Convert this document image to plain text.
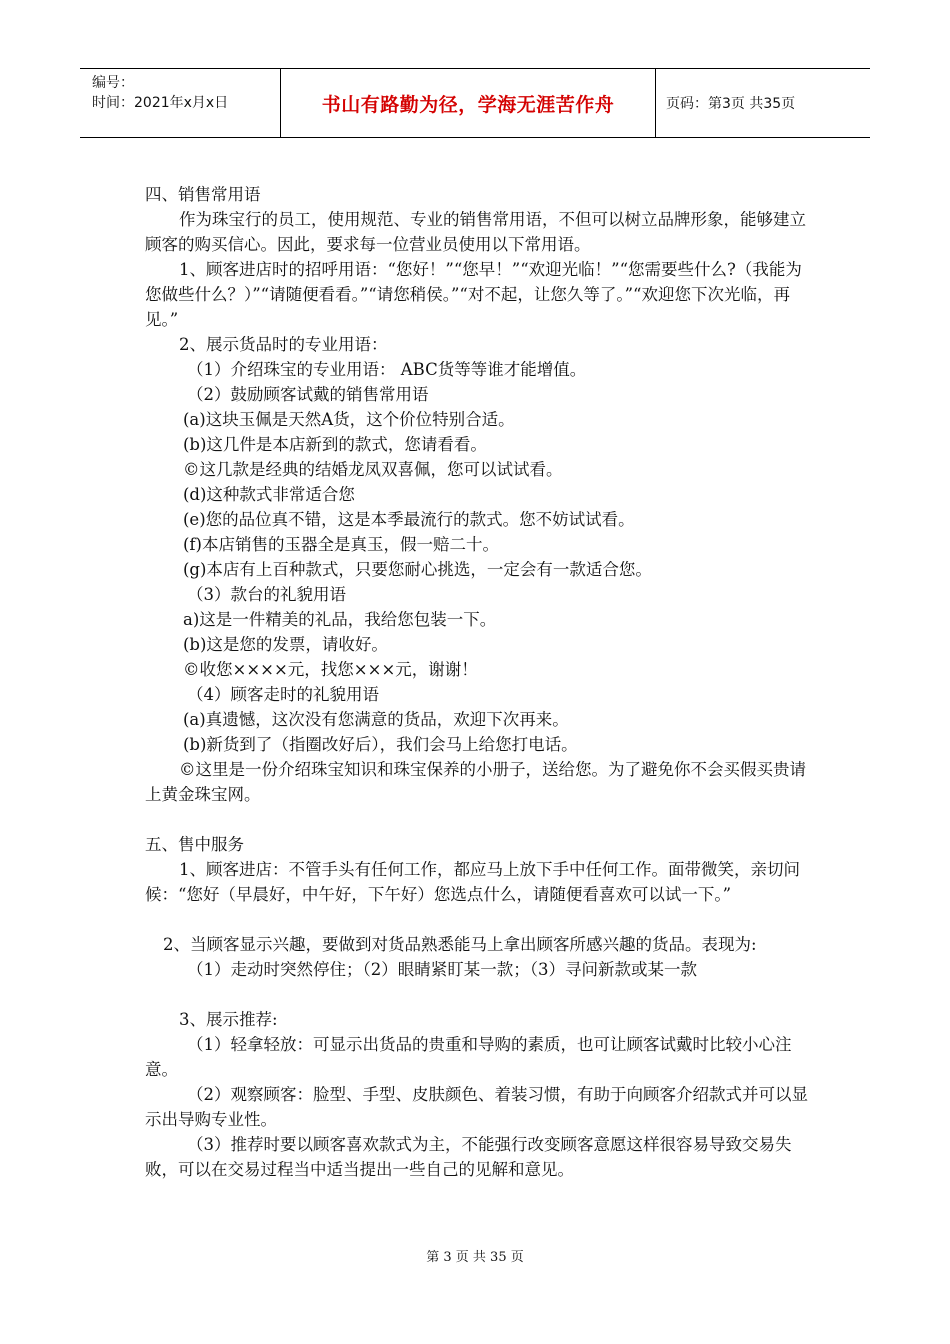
编号：
时间：2021年x月x日	书山有路勤为径，学海无涯苦作舟	页码：第3页 共35页

四、销售常用语

作为珠宝行的员工，使用规范、专业的销售常用语，不但可以树立品牌形象，能够建立顾客的购买信心。因此，要求每一位营业员使用以下常用语。

1、顾客进店时的招呼用语：“您好！”“您早！”“欢迎光临！”“您需要些什么?（我能为您做些什么？）”“请随便看看。”“请您稍侯。”“对不起，让您久等了。”“欢迎您下次光临，再见。”

2、展示货品时的专业用语：

（1）介绍珠宝的专业用语： ABC货等等谁才能增值。

（2）鼓励顾客试戴的销售常用语

(a)这块玉佩是天然A货，这个价位特别合适。

(b)这几件是本店新到的款式，您请看看。

©这几款是经典的结婚龙凤双喜佩，您可以试试看。

(d)这种款式非常适合您

(e)您的品位真不错，这是本季最流行的款式。您不妨试试看。

(f)本店销售的玉器全是真玉，假一赔二十。

(g)本店有上百种款式，只要您耐心挑选，一定会有一款适合您。

（3）款台的礼貌用语

a)这是一件精美的礼品，我给您包装一下。

(b)这是您的发票，请收好。

©收您××××元，找您×××元，谢谢！

（4）顾客走时的礼貌用语

(a)真遗憾，这次没有您满意的货品，欢迎下次再来。

(b)新货到了（指圈改好后），我们会马上给您打电话。

©这里是一份介绍珠宝知识和珠宝保养的小册子，送给您。为了避免你不会买假买贵请上黄金珠宝网。

五、售中服务

1、顾客进店：不管手头有任何工作，都应马上放下手中任何工作。面带微笑，亲切问候：“您好（早晨好，中午好，下午好）您选点什么，请随便看喜欢可以试一下。”

2、当顾客显示兴趣，要做到对货品熟悉能马上拿出顾客所感兴趣的货品。表现为:

（1）走动时突然停住；（2）眼睛紧盯某一款；（3）寻问新款或某一款

3、展示推荐:

（1）轻拿轻放：可显示出货品的贵重和导购的素质，也可让顾客试戴时比较小心注意。

（2）观察顾客：脸型、手型、皮肤颜色、着装习惯，有助于向顾客介绍款式并可以显示出导购专业性。

（3）推荐时要以顾客喜欢款式为主，不能强行改变顾客意愿这样很容易导致交易失败，可以在交易过程当中适当提出一些自己的见解和意见。

第 3 页 共 35 页
